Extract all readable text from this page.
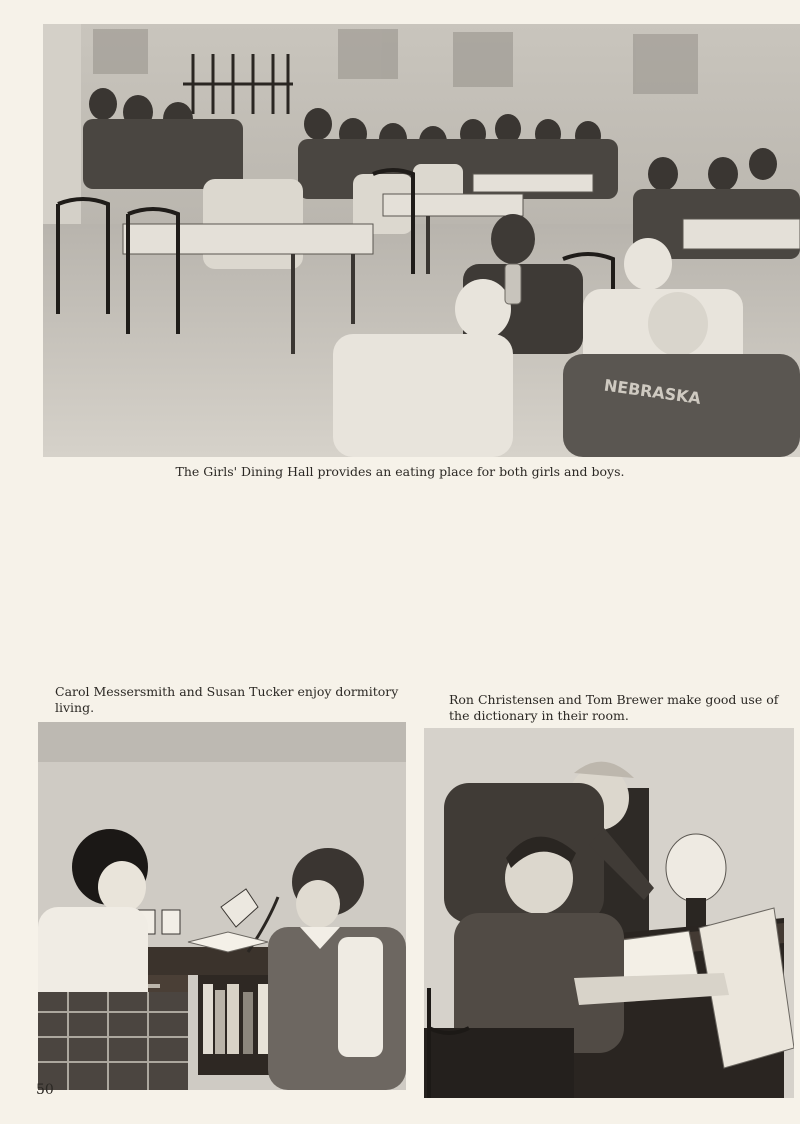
NEBRASKA

The Girls' Dining Hall provides an eating place for both girls and boys.

Carol Messersmith and Susan Tucker enjoy dormitory living.

Ron Christensen and Tom Brewer make good use of the dictionary in their room.

50
